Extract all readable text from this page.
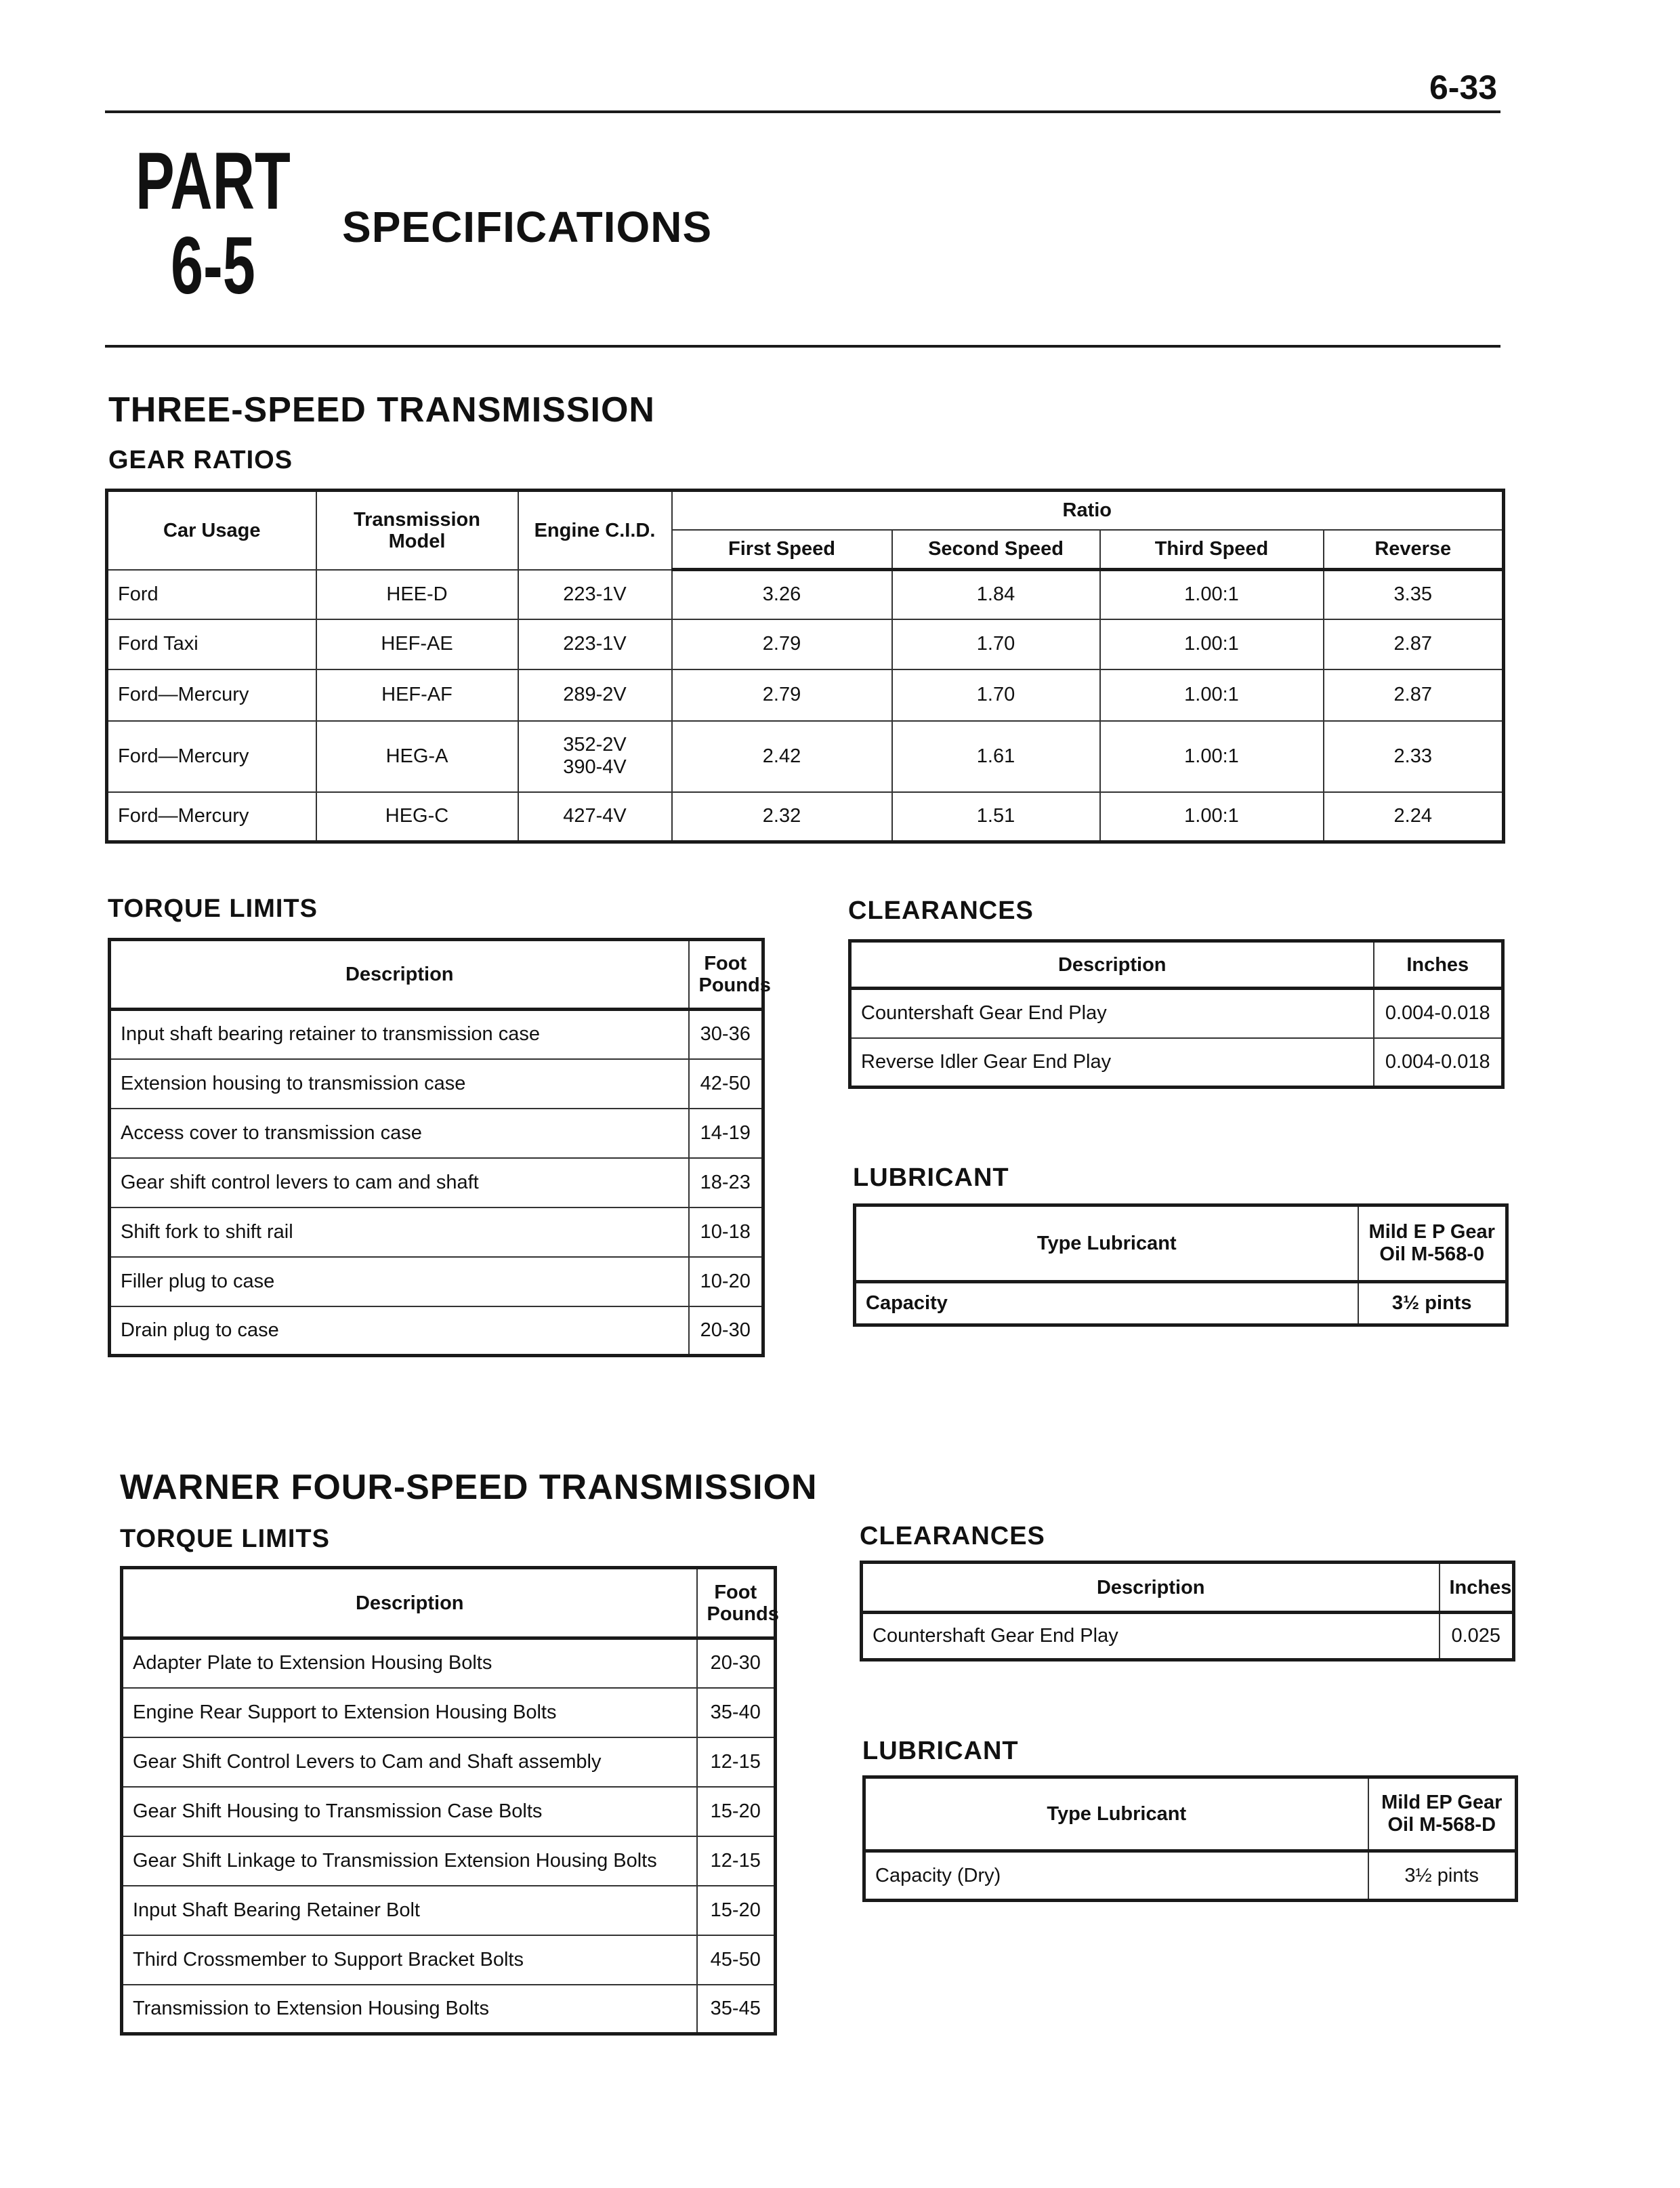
6-33
PART
6-5	SPECIFICATIONS
THREE-SPEED TRANSMISSION
GEAR RATIOS
Car Usage	Transmission Model	Engine C.I.D.	Ratio			
			First Speed	Second Speed	Third Speed	Reverse
Ford	HEE-D	223-1V	3.26	1.84	1.00:1	3.35
Ford Taxi	HEF-AE	223-1V	2.79	1.70	1.00:1	2.87
Ford—Mercury	HEF-AF	289-2V	2.79	1.70	1.00:1	2.87
Ford—Mercury	HEG-A	352-2V
390-4V	2.42	1.61	1.00:1	2.33
Ford—Mercury	HEG-C	427-4V	2.32	1.51	1.00:1	2.24
TORQUE LIMITS
Description	Foot
Pounds
Input shaft bearing retainer to transmission case	30-36
Extension housing to transmission case	42-50
Access cover to transmission case	14-19
Gear shift control levers to cam and shaft	18-23
Shift fork to shift rail	10-18
Filler plug to case	10-20
Drain plug to case	20-30
CLEARANCES
Description	Inches
Countershaft Gear End Play	0.004-0.018
Reverse Idler Gear End Play	0.004-0.018
LUBRICANT
Type Lubricant	Mild E P Gear
Oil M-568-0
Capacity	3½ pints
WARNER FOUR-SPEED TRANSMISSION
TORQUE LIMITS
Description	Foot
Pounds
Adapter Plate to Extension Housing Bolts	20-30
Engine Rear Support to Extension Housing Bolts	35-40
Gear Shift Control Levers to Cam and Shaft assembly	12-15
Gear Shift Housing to Transmission Case Bolts	15-20
Gear Shift Linkage to Transmission Extension Housing Bolts	12-15
Input Shaft Bearing Retainer Bolt	15-20
Third Crossmember to Support Bracket Bolts	45-50
Transmission to Extension Housing Bolts	35-45
CLEARANCES
Description	Inches
Countershaft Gear End Play	0.025
LUBRICANT
Type Lubricant	Mild EP Gear
Oil M-568-D
Capacity (Dry)	3½ pints
